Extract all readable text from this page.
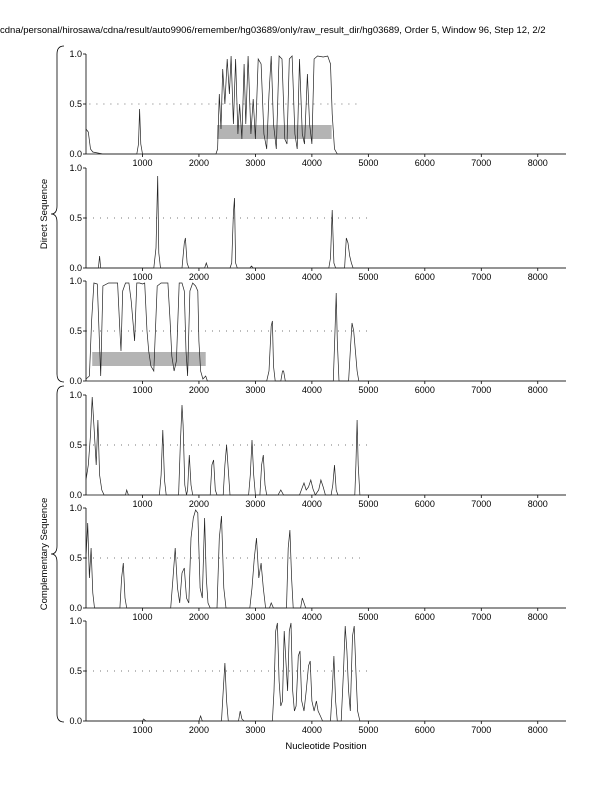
cdna/personal/hirosawa/cdna/result/auto9906/remember/hg03689/only/raw_result_dir/hg03689, Order 5, Window 96, Step 12, 2/2
0.0
0.5
1.0
1000	2000	3000	4000	5000	6000	7000	8000
0.0
0.5
1.0
1000	2000	3000	4000	5000	6000	7000	8000
0.0
0.5
1.0
1000	2000	3000	4000	5000	6000	7000	8000
0.0
0.5
1.0
1000	2000	3000	4000	5000	6000	7000	8000
0.0
0.5
1.0
1000	2000	3000	4000	5000	6000	7000	8000
0.0
0.5
1.0
1000	2000	3000	4000	5000	6000	7000	8000
Direct Sequence
Complementary Sequence
Nucleotide Position
